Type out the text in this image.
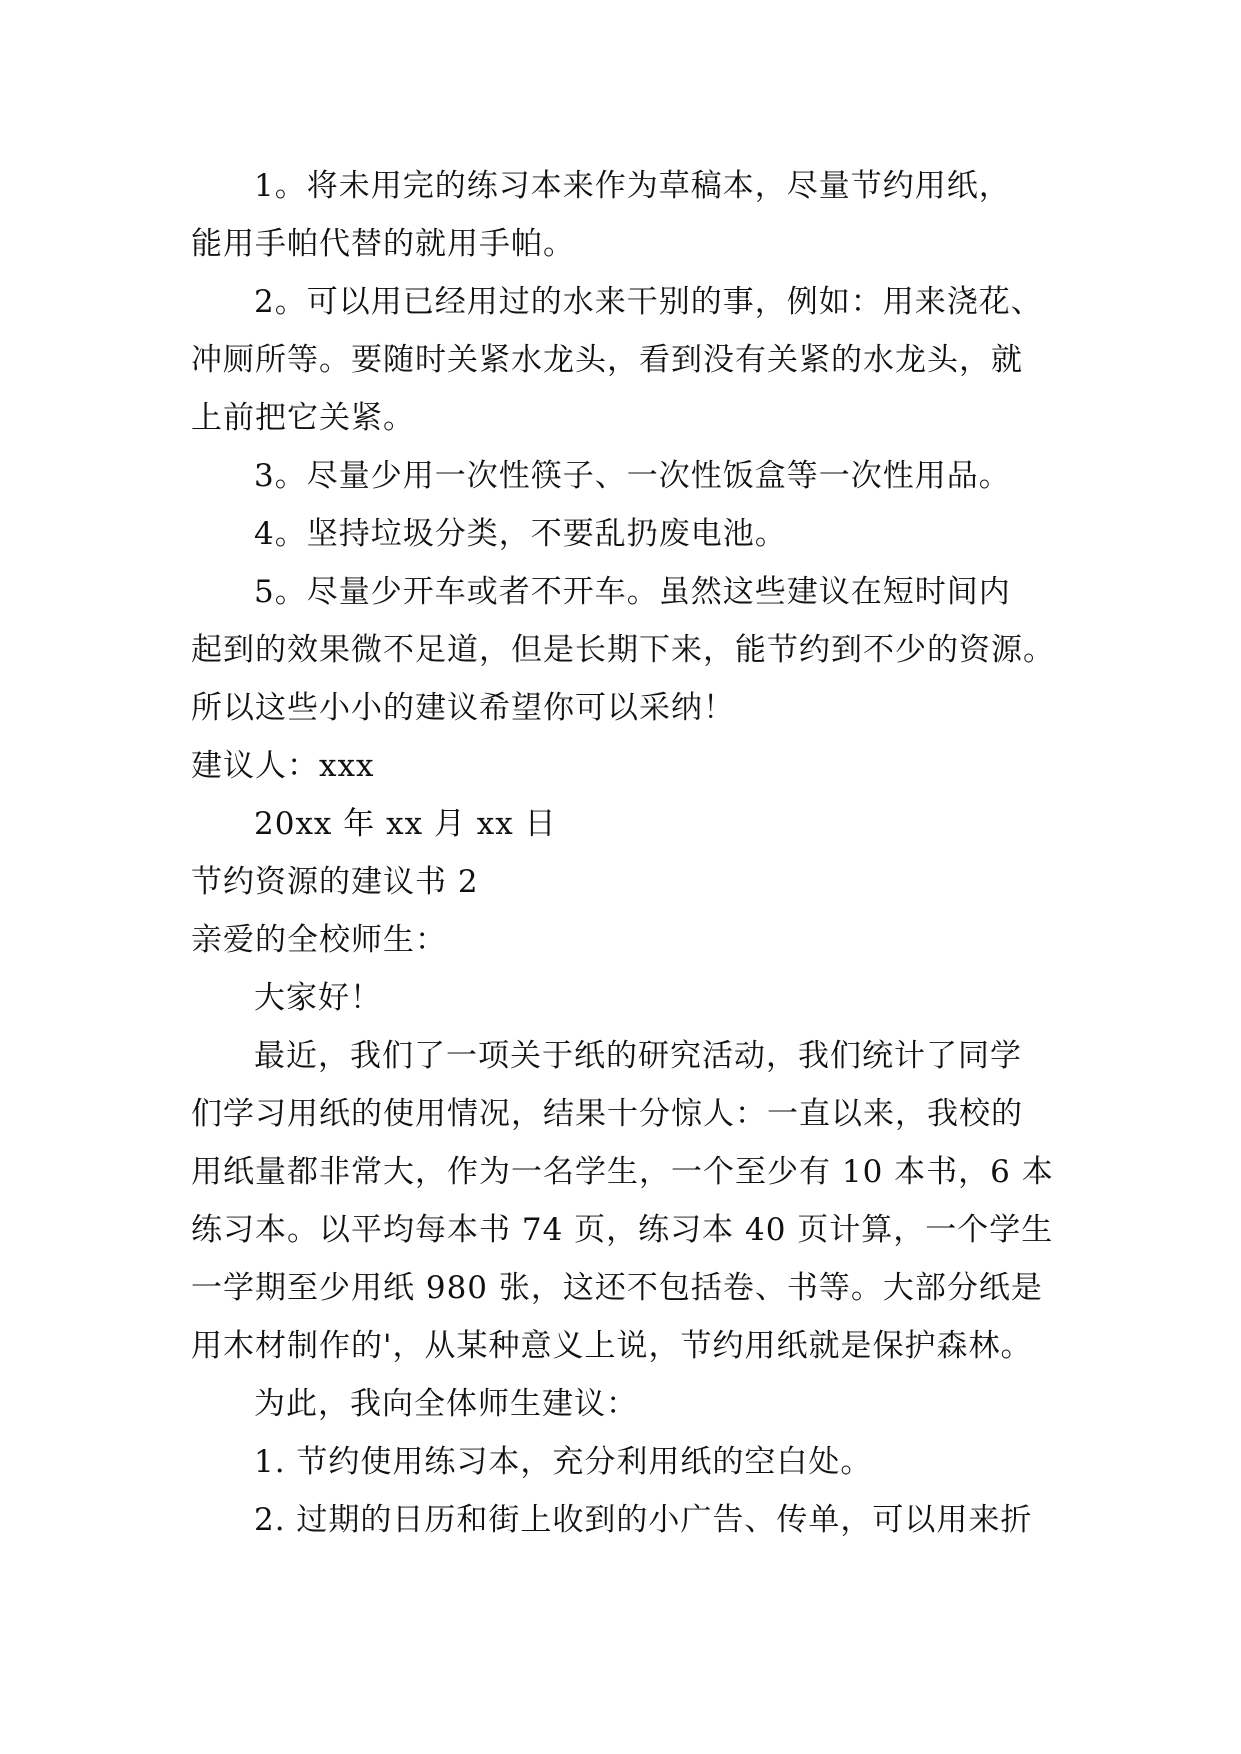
1。将未用完的练习本来作为草稿本，尽量节约用纸，
能用手帕代替的就用手帕。
2。可以用已经用过的水来干别的事，例如：用来浇花、
冲厕所等。要随时关紧水龙头，看到没有关紧的水龙头，就
上前把它关紧。
3。尽量少用一次性筷子、一次性饭盒等一次性用品。
4。坚持垃圾分类，不要乱扔废电池。
5。尽量少开车或者不开车。虽然这些建议在短时间内
起到的效果微不足道，但是长期下来，能节约到不少的资源。
所以这些小小的建议希望你可以采纳！
建议人：xxx
20xx 年 xx 月 xx 日
节约资源的建议书 2
亲爱的全校师生：
大家好！
最近，我们了一项关于纸的研究活动，我们统计了同学
们学习用纸的使用情况，结果十分惊人：一直以来，我校的
用纸量都非常大，作为一名学生，一个至少有 10 本书，6 本
练习本。以平均每本书 74 页，练习本 40 页计算，一个学生
一学期至少用纸 980 张，这还不包括卷、书等。大部分纸是
用木材制作的'，从某种意义上说，节约用纸就是保护森林。
为此，我向全体师生建议：
1. 节约使用练习本，充分利用纸的空白处。
2. 过期的日历和街上收到的小广告、传单，可以用来折
